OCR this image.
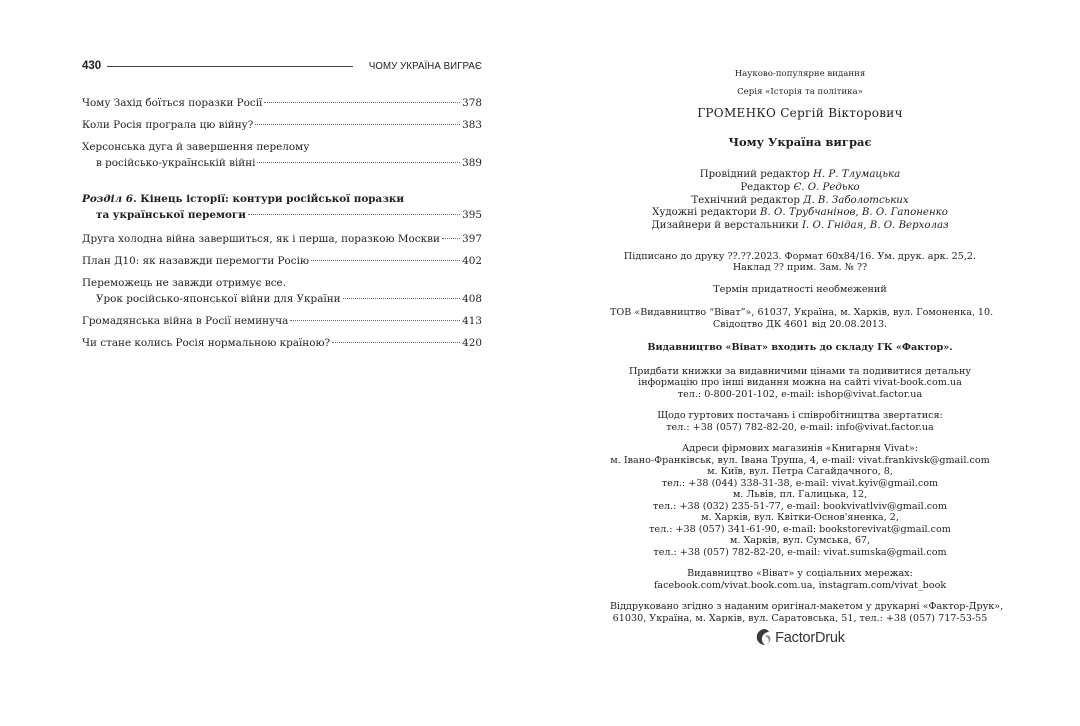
430	ЧОМУ УКРАЇНА ВИГРАЄ
Чому Захід боїться поразки Росії	378
Коли Росія програла цю війну?	383
Херсонська дуга й завершення перелому
в російсько-українській війні	389
Розділ 6. Кінець історії: контури російської поразки
та української перемоги	395
Друга холодна війна завершиться, як і перша, поразкою Москви 397
План Д10: як назавжди перемогти Росію	402
Переможець не завжди отримує все.
Урок російсько-японської війни для України	408
Громадянська війна в Росії неминуча	413
Чи стане колись Росія нормальною країною?	420
Науково-популярне видання
Серія «Історія та політика»
ГРОМЕНКО Сергій Вікторович
Чому Україна виграє
Провідний редактор Н. Р. Тлумацька
Редактор Є. О. Редько
Технічний редактор Д. В. Заболотських
Художні редактори В. О. Трубчанінов, В. О. Гапоненко
Дизайнери й верстальники І. О. Гнідая, В. О. Верхолаз
Підписано до друку ??.??.2023. Формат 60х84/16. Ум. друк. арк. 25,2.
Наклад ?? прим. Зам. № ??
Термін придатності необмежений
ТОВ «Видавництво “Віват”», 61037, Україна, м. Харків, вул. Гомоненка, 10.
Свідоцтво ДК 4601 від 20.08.2013.
Видавництво «Віват» входить до складу ГК «Фактор».
Придбати книжки за видавничими цінами та подивитися детальну
інформацію про інші видання можна на сайті vivat-book.com.ua
тел.: 0-800-201-102, e-mail: ishop@vivat.factor.ua
Щодо гуртових постачань і співробітництва звертатися:
тел.: +38 (057) 782-82-20, e-mail: info@vivat.factor.ua
Адреси фірмових магазинів «Книгарня Vivat»:
м. Івано-Франківськ, вул. Івана Труша, 4, e-mail: vivat.frankivsk@gmail.com
м. Київ, вул. Петра Сагайдачного, 8,
тел.: +38 (044) 338-31-38, e-mail: vivat.kyiv@gmail.com
м. Львів, пл. Галицька, 12,
тел.: +38 (032) 235-51-77, e-mail: bookvivatlviv@gmail.com
м. Харків, вул. Квітки-Основ'яненка, 2,
тел.: +38 (057) 341-61-90, e-mail: bookstorevivat@gmail.com
м. Харків, вул. Сумська, 67,
тел.: +38 (057) 782-82-20, e-mail: vivat.sumska@gmail.com
Видавництво «Віват» у соціальних мережах:
facebook.com/vivat.book.com.ua, instagram.com/vivat_book
Віддруковано згідно з наданим оригінал-макетом у друкарні «Фактор-Друк»,
61030, Україна, м. Харків, вул. Саратовська, 51, тел.: +38 (057) 717-53-55
FactorDruk
